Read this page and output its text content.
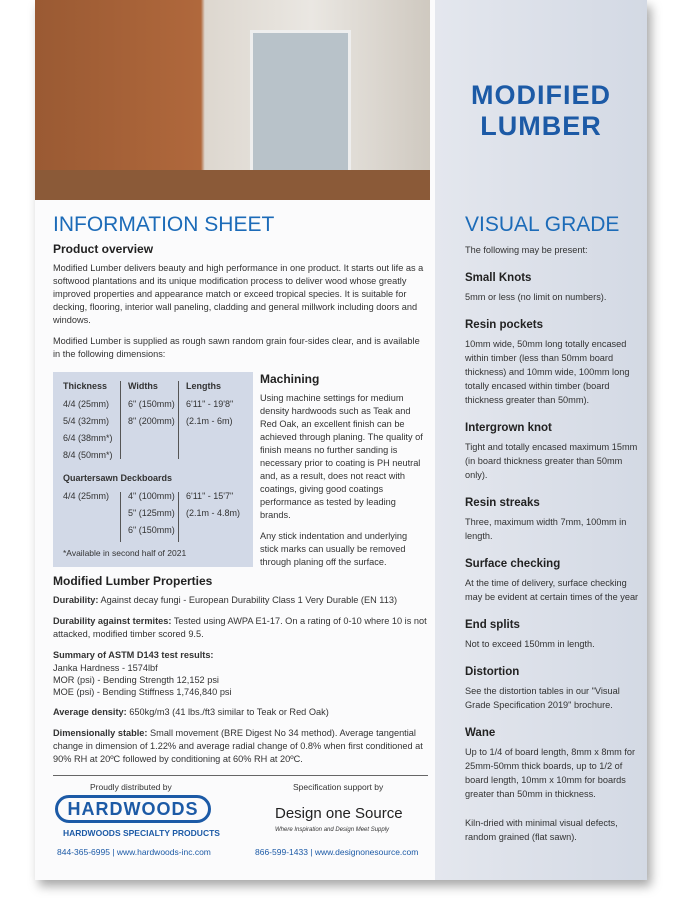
MODIFIED
LUMBER
INFORMATION SHEET
Product overview
Modified Lumber delivers beauty and high performance in one product. It starts out life as a softwood plantations and its unique modification process to deliver wood whose greatly improved properties and appearance match or exceed tropical species. It is suitable for decking, flooring, interior wall paneling, cladding and general millwork including doors and windows.
Modified Lumber is supplied as rough sawn random grain four-sides clear, and is available in the following dimensions:
Thickness Widths	Lengths
4/4 (25mm)
5/4 (32mm)
6/4 (38mm*)
8/4 (50mm*)
6" (150mm)
8" (200mm)
6'11" - 19'8"
(2.1m - 6m)
Quartersawn Deckboards
4/4 (25mm) 4" (100mm)
5" (125mm)
6" (150mm)
6'11" - 15'7"
(2.1m - 4.8m)
*Available in second half of 2021
Machining
Using machine settings for medium density hardwoods such as Teak and Red Oak, an excellent finish can be achieved through planing. The quality of finish means no further sanding is necessary prior to coating is PH neutral and, as a result, does not react with coatings, giving good coatings performance as tested by leading brands.
Any stick indentation and underlying stick marks can usually be removed through planing off the surface.
Modified Lumber Properties
Durability: Against decay fungi - European Durability Class 1 Very Durable (EN 113)
Durability against termites: Tested using AWPA E1-17. On a rating of 0-10 where 10 is not attacked, modified timber scored 9.5.
Summary of ASTM D143 test results:
Janka Hardness - 1574lbf
MOR (psi) - Bending Strength 12,152 psi
MOE (psi) - Bending Stiffness 1,746,840 psi
Average density: 650kg/m3 (41 lbs./ft3 similar to Teak or Red Oak)
Dimensionally stable: Small movement (BRE Digest No 34 method). Average tangential change in dimension of 1.22% and average radial change of 0.8% when first conditioned at 90% RH at 20ºC followed by conditioning at 60% RH at 20ºC.
Proudly distributed by
HARDWOODS
HARDWOODS SPECIALTY PRODUCTS
844-365-6995 | www.hardwoods-inc.com
Specification support by
Design one Source
Where Inspiration and Design Meet Supply
866-599-1433 | www.designonesource.com
VISUAL GRADE
The following may be present:
Small Knots
5mm or less (no limit on numbers).
Resin pockets
10mm wide, 50mm long totally encased within timber (less than 50mm board thickness) and 10mm wide, 100mm long totally encased within timber (board thickness greater than 50mm).
Intergrown knot
Tight and totally encased maximum 15mm (in board thickness greater than 50mm only).
Resin streaks
Three, maximum width 7mm, 100mm in length.
Surface checking
At the time of delivery, surface checking may be evident at certain times of the year
End splits
Not to exceed 150mm in length.
Distortion
See the distortion tables in our "Visual Grade Specification 2019" brochure.
Wane
Up to 1/4 of board length, 8mm x 8mm for 25mm-50mm thick boards, up to 1/2 of board length, 10mm x 10mm for boards greater than 50mm in thickness.
Kiln-dried with minimal visual defects, random grained (flat sawn).
